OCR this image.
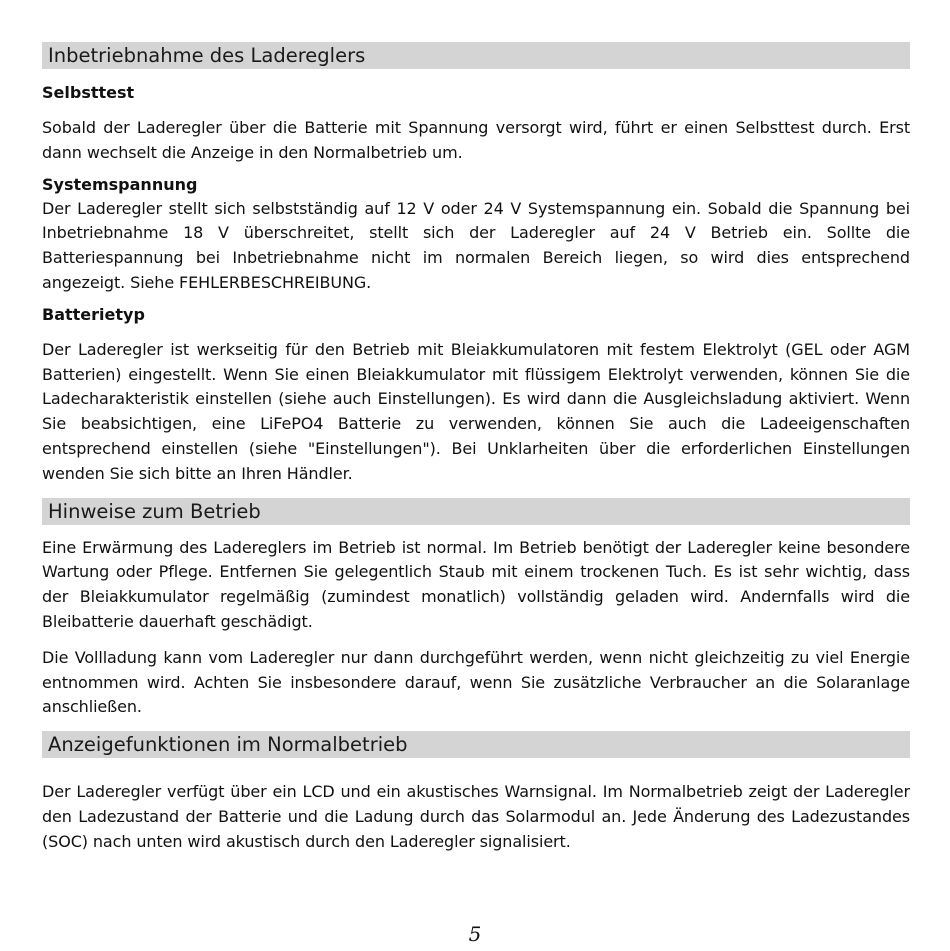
Inbetriebnahme des Ladereglers
Selbsttest

Sobald der Laderegler über die Batterie mit Spannung versorgt wird, führt er einen Selbsttest durch. Erst dann wechselt die Anzeige in den Normalbetrieb um.

Systemspannung

Der Laderegler stellt sich selbstständig auf 12 V oder 24 V Systemspannung ein. Sobald die Spannung bei Inbetriebnahme 18 V überschreitet, stellt sich der Laderegler auf 24 V Betrieb ein. Sollte die Batteriespannung bei Inbetriebnahme nicht im normalen Bereich liegen, so wird dies entsprechend angezeigt. Siehe FEHLERBESCHREIBUNG.

Batterietyp

Der Laderegler ist werkseitig für den Betrieb mit Bleiakkumulatoren mit festem Elektrolyt (GEL oder AGM Batterien) eingestellt. Wenn Sie einen Bleiakkumulator mit flüssigem Elektrolyt verwenden, können Sie die Ladecharakteristik einstellen (siehe auch Einstellungen). Es wird dann die Ausgleichsladung aktiviert. Wenn Sie beabsichtigen, eine LiFePO4 Batterie zu verwenden, können Sie auch die Ladeeigenschaften entsprechend einstellen (siehe "Einstellungen"). Bei Unklarheiten über die erforderlichen Einstellungen wenden Sie sich bitte an Ihren Händler.

Hinweise zum Betrieb

Eine Erwärmung des Ladereglers im Betrieb ist normal. Im Betrieb benötigt der Laderegler keine besondere Wartung oder Pflege. Entfernen Sie gelegentlich Staub mit einem trockenen Tuch. Es ist sehr wichtig, dass der Bleiakkumulator regelmäßig (zumindest monatlich) vollständig geladen wird. Andernfalls wird die Bleibatterie dauerhaft geschädigt.

Die Vollladung kann vom Laderegler nur dann durchgeführt werden, wenn nicht gleichzeitig zu viel Energie entnommen wird. Achten Sie insbesondere darauf, wenn Sie zusätzliche Verbraucher an die Solaranlage anschließen.

Anzeigefunktionen im Normalbetrieb

Der Laderegler verfügt über ein LCD und ein akustisches Warnsignal. Im Normalbetrieb zeigt der Laderegler den Ladezustand der Batterie und die Ladung durch das Solarmodul an. Jede Änderung des Ladezustandes (SOC) nach unten wird akustisch durch den Laderegler signalisiert.

5
